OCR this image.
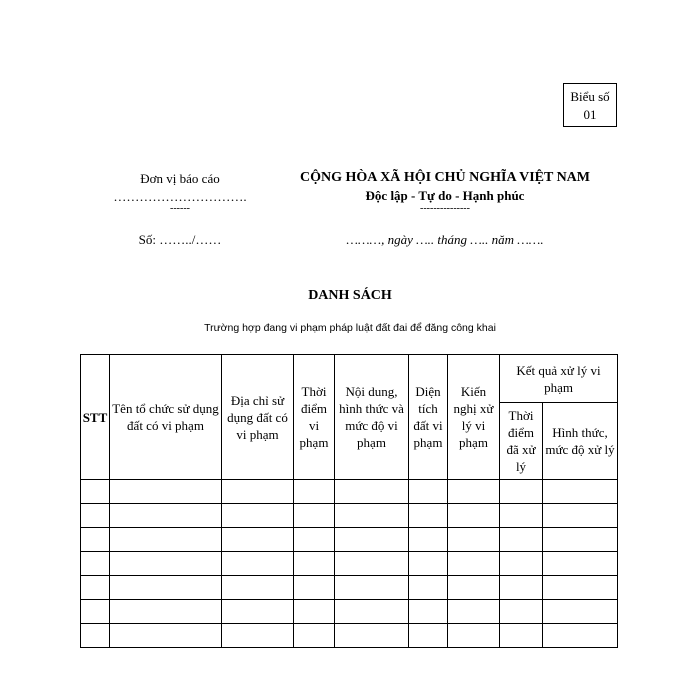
Biểu số 01
Đơn vị báo cáo
………………………….
------
Số: ……../……
CỘNG HÒA XÃ HỘI CHỦ NGHĨA VIỆT NAM
Độc lập - Tự do - Hạnh phúc
---------------
………, ngày ….. tháng ….. năm …….
DANH SÁCH
Trường hợp đang vi phạm pháp luật đất đai để đăng công khai
STT	Tên tổ chức sử dụng đất có vi phạm	Địa chỉ sử dụng đất có vi phạm	Thời điểm vi phạm	Nội dung, hình thức và mức độ vi phạm	Diện tích đất vi phạm	Kiến nghị xử lý vi phạm	Kết quả xử lý vi phạm	
							Thời điểm đã xử lý	Hình thức, mức độ xử lý
